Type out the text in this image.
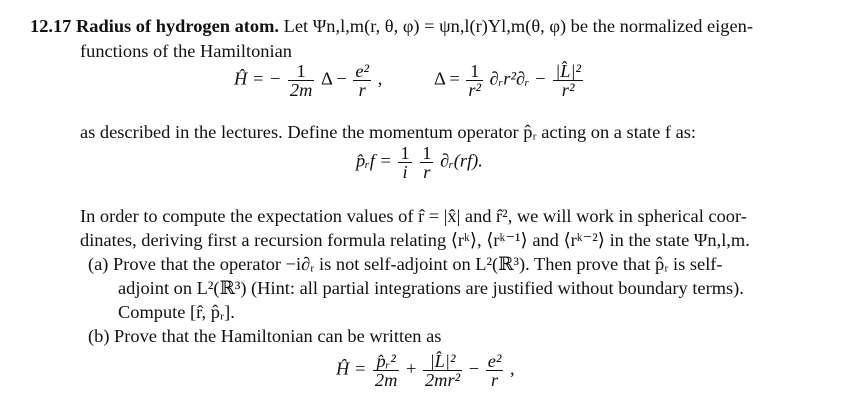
12.17 Radius of hydrogen atom. Let Ψn,l,m(r, θ, φ) = ψn,l(r)Yl,m(θ, φ) be the normalized eigen-
functions of the Hamiltonian
Ĥ = − $\frac{1}{2m}$ $\Delta - \frac{\text{e²}}{r}$ ,	$\Delta = \frac{1}{\text{r²}}$ ∂ᵣr²∂ᵣ − $\frac{\text{|L̂|²}}{\text{r²}}$
as described in the lectures. Define the momentum operator p̂ᵣ acting on a state f as:
p̂ᵣf = $\frac{1}{i}$
$\frac{1}{r}$ ∂ᵣ(rf).
In order to compute the expectation values of r̂ = |x̂| and r̂², we will work in spherical coor-
dinates, deriving first a recursion formula relating ⟨rᵏ⟩, ⟨rᵏ⁻¹⟩ and ⟨rᵏ⁻²⟩ in the state Ψn,l,m.
(a) Prove that the operator −i∂ᵣ is not self-adjoint on L²(ℝ³). Then prove that p̂ᵣ is self-
adjoint on L²(ℝ³) (Hint: all partial integrations are justified without boundary terms).
Compute [r̂, p̂ᵣ].
(b) Prove that the Hamiltonian can be written as
Ĥ = $\frac{\text{p̂ᵣ²}}{2m} + \frac{\text{|L̂|²}}{\text{2mr²}} - \frac{\text{e²}}{r}$ ,
